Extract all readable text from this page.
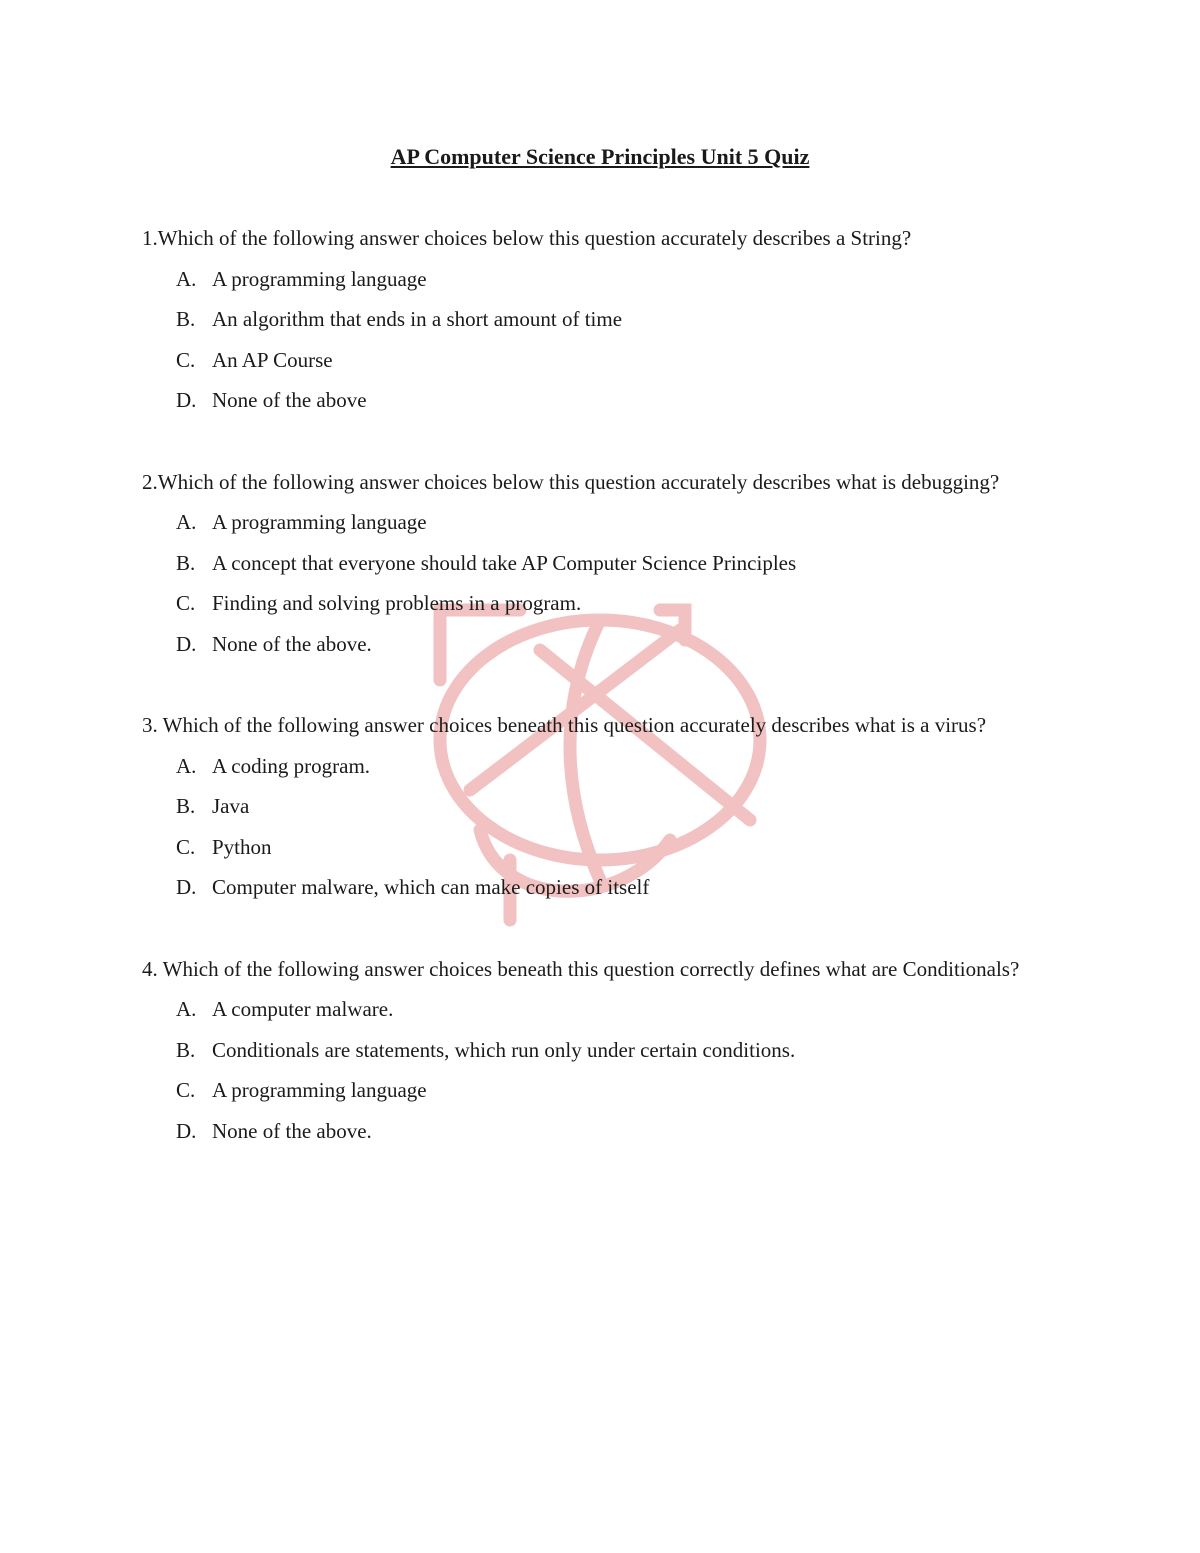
AP Computer Science Principles Unit 5 Quiz

1.Which of the following answer choices below this question accurately describes a String?

A. A programming language
B. An algorithm that ends in a short amount of time
C. An AP Course
D. None of the above

2.Which of the following answer choices below this question accurately describes what is debugging?

A. A programming language
B. A concept that everyone should take AP Computer Science Principles
C. Finding and solving problems in a program.
D. None of the above.

3. Which of the following answer choices beneath this question accurately describes what is a virus?

A. A coding program.
B. Java
C. Python
D. Computer malware, which can make copies of itself

4. Which of the following answer choices beneath this question correctly defines what are Conditionals?

A. A computer malware.
B. Conditionals are statements, which run only under certain conditions.
C. A programming language
D. None of the above.
